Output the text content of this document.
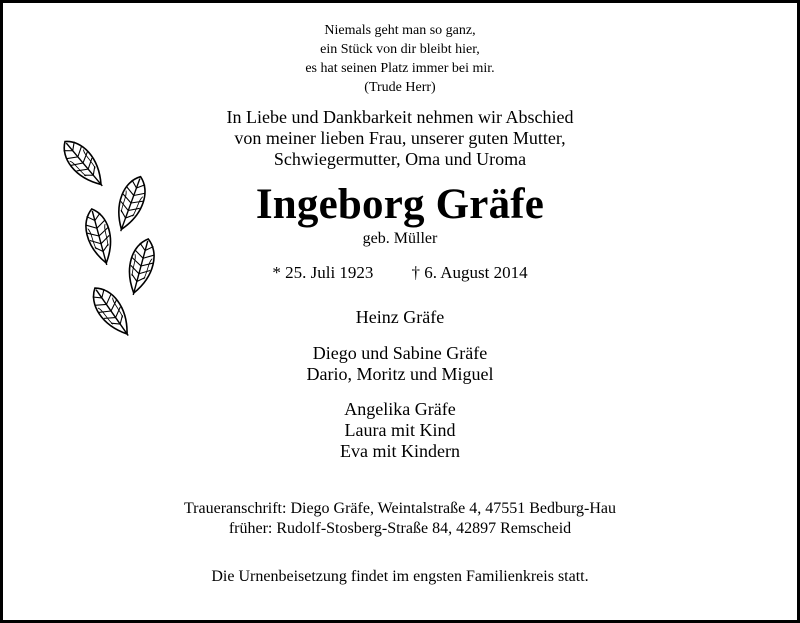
Niemals geht man so ganz,
ein Stück von dir bleibt hier,
es hat seinen Platz immer bei mir.
(Trude Herr)
In Liebe und Dankbarkeit nehmen wir Abschied
von meiner lieben Frau, unserer guten Mutter,
Schwiegermutter, Oma und Uroma
Ingeborg Gräfe
geb. Müller
* 25. Juli 1923 † 6. August 2014
Heinz Gräfe
Diego und Sabine Gräfe
Dario, Moritz und Miguel
Angelika Gräfe
Laura mit Kind
Eva mit Kindern
Traueranschrift: Diego Gräfe, Weintalstraße 4, 47551 Bedburg-Hau
früher: Rudolf-Stosberg-Straße 84, 42897 Remscheid
Die Urnenbeisetzung findet im engsten Familienkreis statt.
